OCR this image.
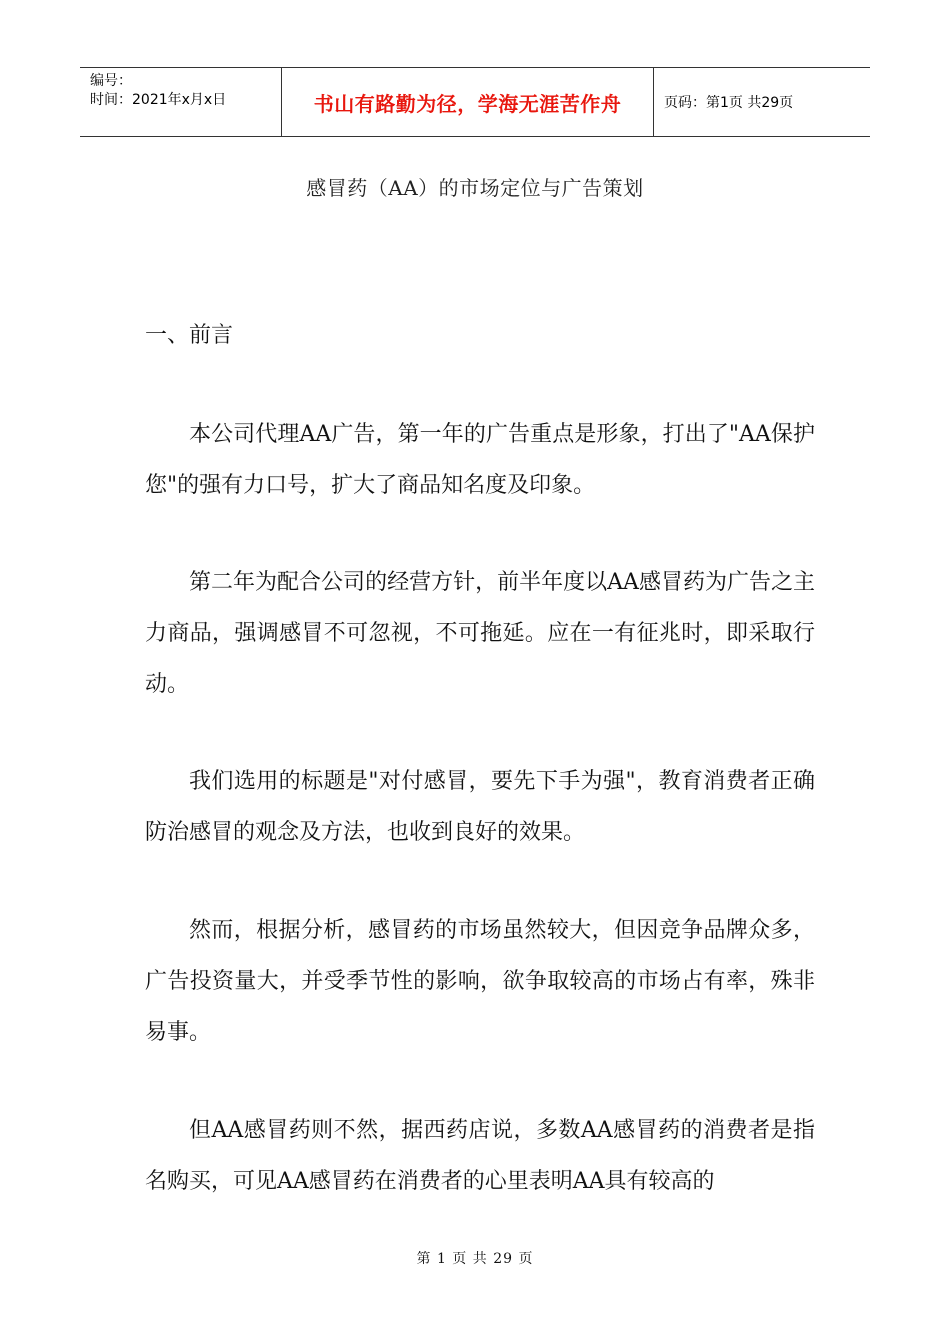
编号：
时间：2021年x月x日	书山有路勤为径，学海无涯苦作舟	页码：第1页 共29页
感冒药（AA）的市场定位与广告策划
一、前言

本公司代理AA广告，第一年的广告重点是形象，打出了"AA保护您"的强有力口号，扩大了商品知名度及印象。

第二年为配合公司的经营方针，前半年度以AA感冒药为广告之主力商品，强调感冒不可忽视，不可拖延。应在一有征兆时，即采取行动。

我们选用的标题是"对付感冒，要先下手为强"，教育消费者正确防治感冒的观念及方法，也收到良好的效果。

然而，根据分析，感冒药的市场虽然较大，但因竞争品牌众多，广告投资量大，并受季节性的影响，欲争取较高的市场占有率，殊非易事。

但AA感冒药则不然，据西药店说，多数AA感冒药的消费者是指名购买，可见AA感冒药在消费者的心里表明AA具有较高的

第 1 页 共 29 页
